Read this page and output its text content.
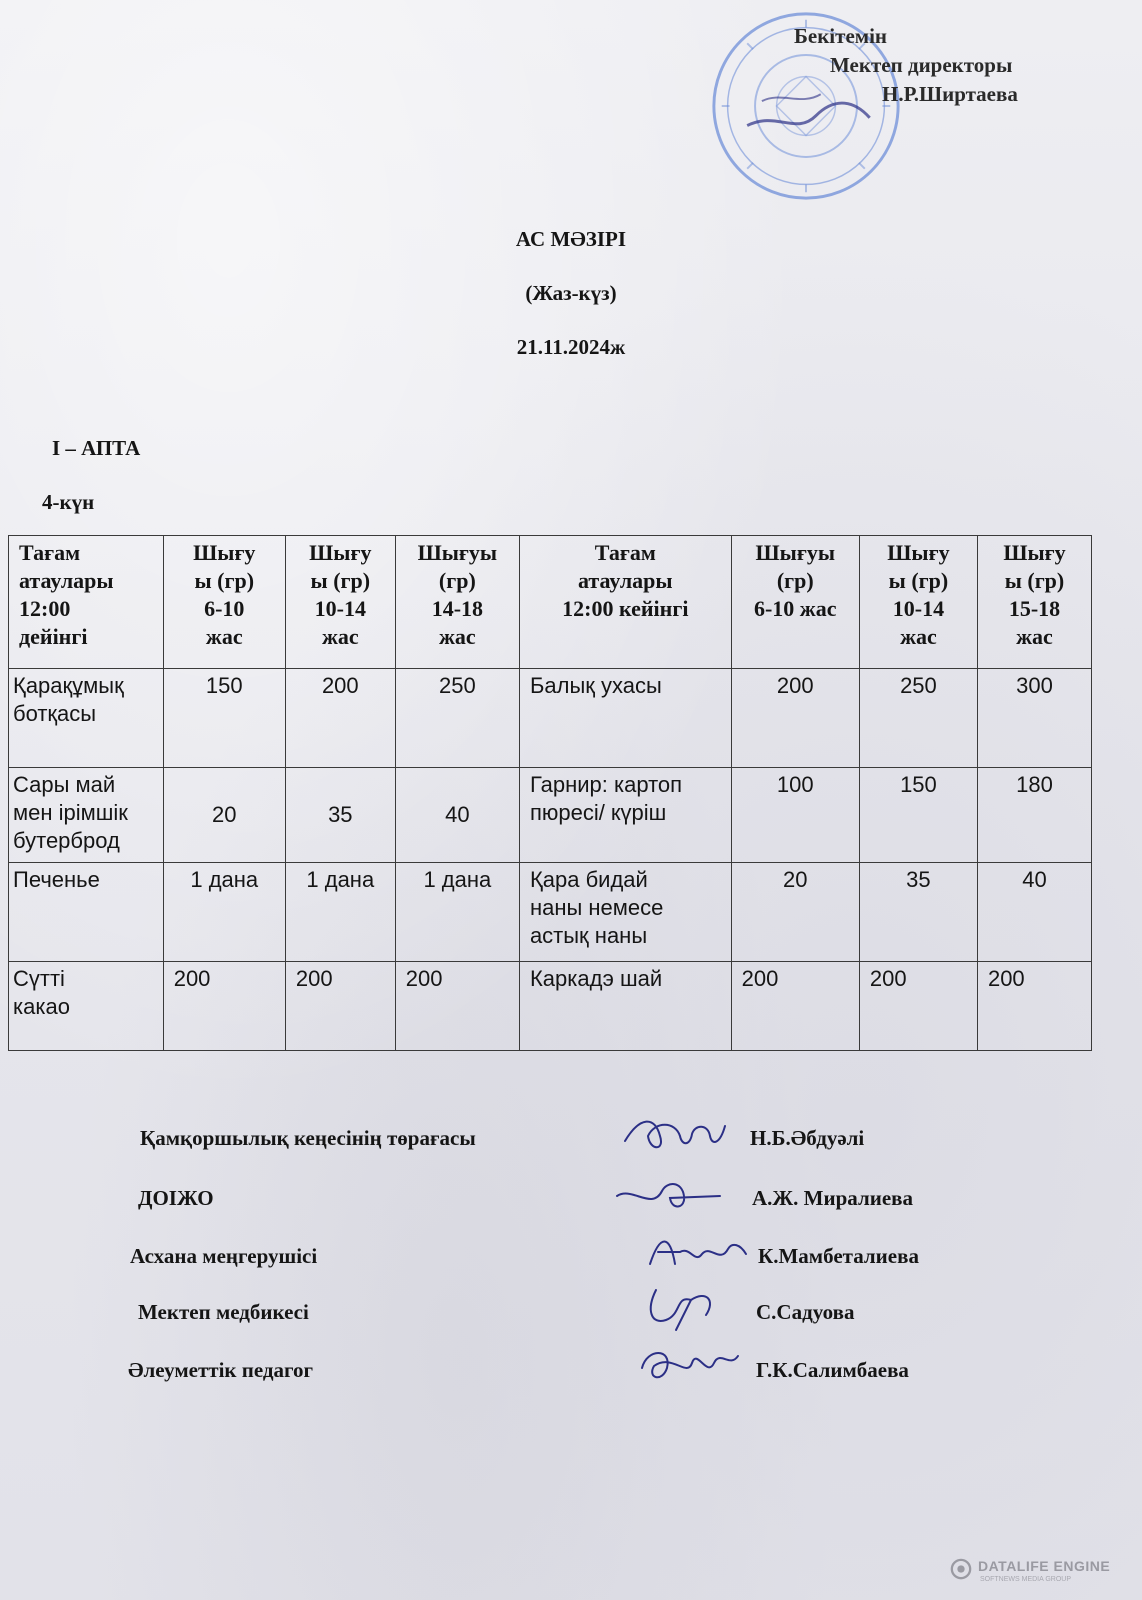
Бекітемін
Мектеп директоры
Н.Р.Ширтаева
АС МӘЗІРІ
(Жаз-күз)
21.11.2024ж
І – АПТА
4-күн
Тағам
атаулары
12:00
дейінгі	Шығу
ы (гр)
6-10
жас	Шығу
ы (гр)
10-14
жас	Шығуы
(гр)
14-18
жас	Тағам
атаулары
12:00 кейінгі	Шығуы
(гр)
6-10 жас	Шығу
ы (гр)
10-14
жас	Шығу
ы (гр)
15-18
жас

Қарақұмық
ботқасы	150	200	250	Балық ухасы	200	250	300

Сары май
мен ірімшік
бутерброд	20	35	40	Гарнир: картоп
пюресі/ күріш	100	150	180

Печенье	1 дана	1 дана	1 дана	Қара бидай
наны немесе
астық наны	20	35	40

Сүтті
какао	200	200	200	Каркадэ шай	200	200	200
Қамқоршылық кеңесінің төрағасы	Н.Б.Әбдуәлі
ДОІЖО	А.Ж. Миралиева
Асхана меңгерушісі	К.Мамбеталиева
Мектеп медбикесі	С.Садуова
Әлеуметтік педагог	Г.К.Салимбаева
DATALIFE ENGINE
SOFTNEWS MEDIA GROUP
